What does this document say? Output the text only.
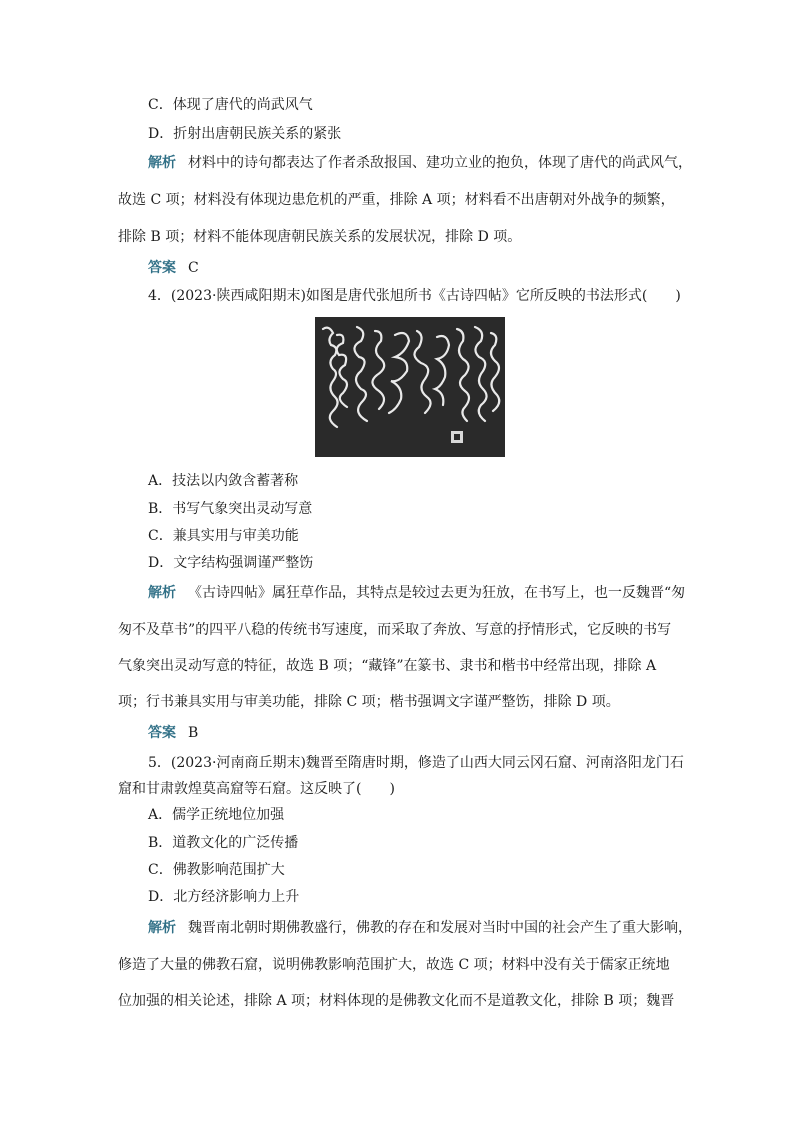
C．体现了唐代的尚武风气
D．折射出唐朝民族关系的紧张
解析 材料中的诗句都表达了作者杀敌报国、建功立业的抱负，体现了唐代的尚武风气，
故选 C 项；材料没有体现边患危机的严重，排除 A 项；材料看不出唐朝对外战争的频繁，
排除 B 项；材料不能体现唐朝民族关系的发展状况，排除 D 项。
答案 C
4．(2023·陕西咸阳期末)如图是唐代张旭所书《古诗四帖》它所反映的书法形式(　　)
A．技法以内敛含蓄著称
B．书写气象突出灵动写意
C．兼具实用与审美功能
D．文字结构强调谨严整饬
解析 《古诗四帖》属狂草作品，其特点是较过去更为狂放，在书写上，也一反魏晋“匆
匆不及草书”的四平八稳的传统书写速度，而采取了奔放、写意的抒情形式，它反映的书写
气象突出灵动写意的特征，故选 B 项；“藏锋”在篆书、隶书和楷书中经常出现，排除 A
项；行书兼具实用与审美功能，排除 C 项；楷书强调文字谨严整饬，排除 D 项。
答案 B
5．(2023·河南商丘期末)魏晋至隋唐时期，修造了山西大同云冈石窟、河南洛阳龙门石
窟和甘肃敦煌莫高窟等石窟。这反映了(　　)
A．儒学正统地位加强
B．道教文化的广泛传播
C．佛教影响范围扩大
D．北方经济影响力上升
解析 魏晋南北朝时期佛教盛行，佛教的存在和发展对当时中国的社会产生了重大影响，
修造了大量的佛教石窟，说明佛教影响范围扩大，故选 C 项；材料中没有关于儒家正统地
位加强的相关论述，排除 A 项；材料体现的是佛教文化而不是道教文化，排除 B 项；魏晋
